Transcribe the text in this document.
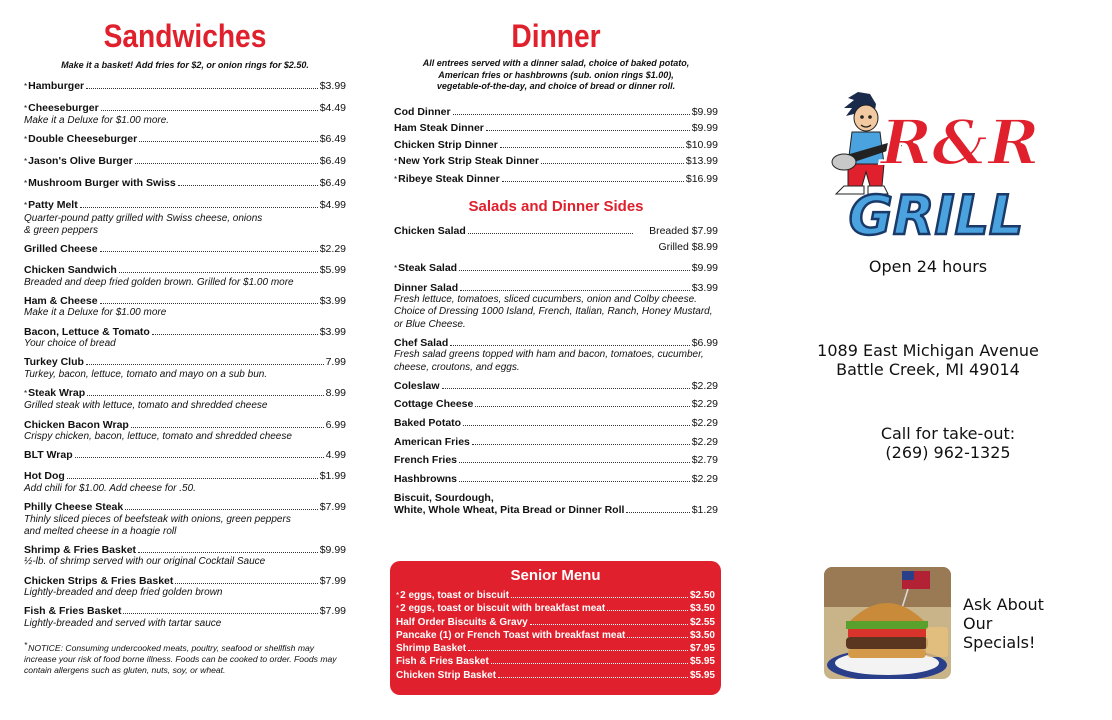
Sandwiches
Make it a basket! Add fries for $2, or onion rings for $2.50.
* Hamburger	$3.99
* Cheeseburger	$4.49
Make it a Deluxe for $1.00 more.
* Double Cheeseburger	$6.49
* Jason's Olive Burger	$6.49
* Mushroom Burger with Swiss	$6.49
* Patty Melt	$4.99
Quarter-pound patty grilled with Swiss cheese, onions
& green peppers
Grilled Cheese	$2.29
Chicken Sandwich	$5.99
Breaded and deep fried golden brown. Grilled for $1.00 more
Ham & Cheese	$3.99
Make it a Deluxe for $1.00 more
Bacon, Lettuce & Tomato	$3.99
Your choice of bread
Turkey Club	7.99
Turkey, bacon, lettuce, tomato and mayo on a sub bun.
* Steak Wrap	8.99
Grilled steak with lettuce, tomato and shredded cheese
Chicken Bacon Wrap	6.99
Crispy chicken, bacon, lettuce, tomato and shredded cheese
BLT Wrap	4.99
Hot Dog	$1.99
Add chili for $1.00. Add cheese for .50.
Philly Cheese Steak	$7.99
Thinly sliced pieces of beefsteak with onions, green peppers
and melted cheese in a hoagie roll
Shrimp & Fries Basket	$9.99
½-lb. of shrimp served with our original Cocktail Sauce
Chicken Strips & Fries Basket	$7.99
Lightly-breaded and deep fried golden brown
Fish & Fries Basket	$7.99
Lightly-breaded and served with tartar sauce
*NOTICE: Consuming undercooked meats, poultry, seafood or shellfish may increase your risk of food borne illness. Foods can be cooked to order. Foods may contain allergens such as gluten, nuts, soy, or wheat.
Dinner
All entrees served with a dinner salad, choice of baked potato,
American fries or hashbrowns (sub. onion rings $1.00),
vegetable-of-the-day, and choice of bread or dinner roll.
Cod Dinner	$9.99
Ham Steak Dinner	$9.99
Chicken Strip Dinner	$10.99
* New York Strip Steak Dinner	$13.99
* Ribeye Steak Dinner	$16.99
Salads and Dinner Sides
Chicken Salad	Breaded $7.99
Grilled $8.99
* Steak Salad	$9.99
Dinner Salad	$3.99
Fresh lettuce, tomatoes, sliced cucumbers, onion and Colby cheese. Choice of Dressing 1000 Island, French, Italian, Ranch, Honey Mustard, or Blue Cheese.
Chef Salad	$6.99
Fresh salad greens topped with ham and bacon, tomatoes, cucumber, cheese, croutons, and eggs.
Coleslaw	$2.29
Cottage Cheese	$2.29
Baked Potato	$2.29
American Fries	$2.29
French Fries	$2.79
Hashbrowns	$2.29
Biscuit, Sourdough,
White, Whole Wheat, Pita Bread or Dinner Roll	$1.29
Senior Menu
* 2 eggs, toast or biscuit	$2.50
* 2 eggs, toast or biscuit with breakfast meat	$3.50
Half Order Biscuits & Gravy	$2.55
Pancake (1) or French Toast with breakfast meat	$3.50
Shrimp Basket	$7.95
Fish & Fries Basket	$5.95
Chicken Strip Basket	$5.95
R&R
GRILL
Open 24 hours
1089 East Michigan Avenue
Battle Creek, MI 49014
Call for take-out:
(269) 962-1325
Ask About
Our
Specials!
